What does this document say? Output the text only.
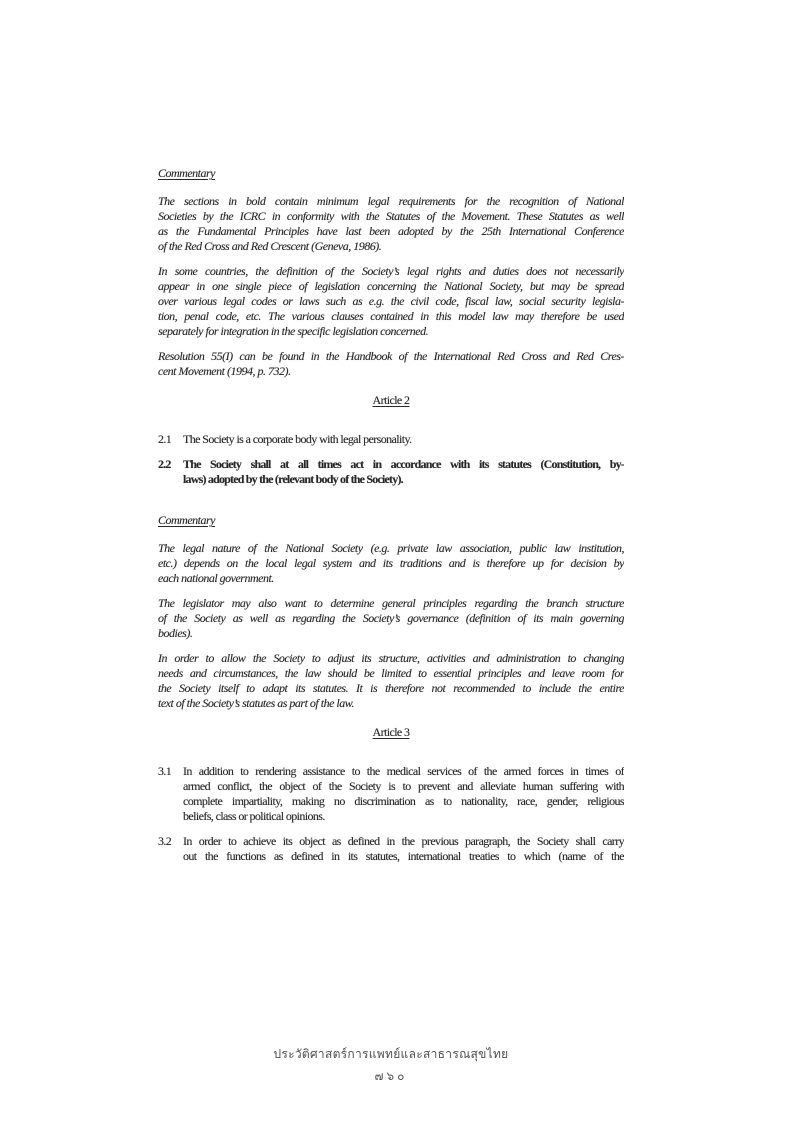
Commentary
The sections in bold contain minimum legal requirements for the recognition of National
Societies by the ICRC in conformity with the Statutes of the Movement. These Statutes as well
as the Fundamental Principles have last been adopted by the 25th International Conference
of the Red Cross and Red Crescent (Geneva, 1986).
In some countries, the definition of the Society’s legal rights and duties does not necessarily
appear in one single piece of legislation concerning the National Society, but may be spread
over various legal codes or laws such as e.g. the civil code, fiscal law, social security legisla-
tion, penal code, etc. The various clauses contained in this model law may therefore be used
separately for integration in the specific legislation concerned.
Resolution 55(I) can be found in the Handbook of the International Red Cross and Red Cres-
cent Movement (1994, p. 732).
Article 2
2.1 The Society is a corporate body with legal personality.
2.2 The Society shall at all times act in accordance with its statutes (Constitution, by-
laws) adopted by the (relevant body of the Society).
Commentary
The legal nature of the National Society (e.g. private law association, public law institution,
etc.) depends on the local legal system and its traditions and is therefore up for decision by
each national government.
The legislator may also want to determine general principles regarding the branch structure
of the Society as well as regarding the Society’s governance (definition of its main governing
bodies).
In order to allow the Society to adjust its structure, activities and administration to changing
needs and circumstances, the law should be limited to essential principles and leave room for
the Society itself to adapt its statutes. It is therefore not recommended to include the entire
text of the Society’s statutes as part of the law.
Article 3
3.1 In addition to rendering assistance to the medical services of the armed forces in times of
armed conflict, the object of the Society is to prevent and alleviate human suffering with
complete impartiality, making no discrimination as to nationality, race, gender, religious
beliefs, class or political opinions.
3.2 In order to achieve its object as defined in the previous paragraph, the Society shall carry
out the functions as defined in its statutes, international treaties to which (name of the
ประวัติศาสตร์การแพทย์และสาธารณสุขไทย
๗๖๐
